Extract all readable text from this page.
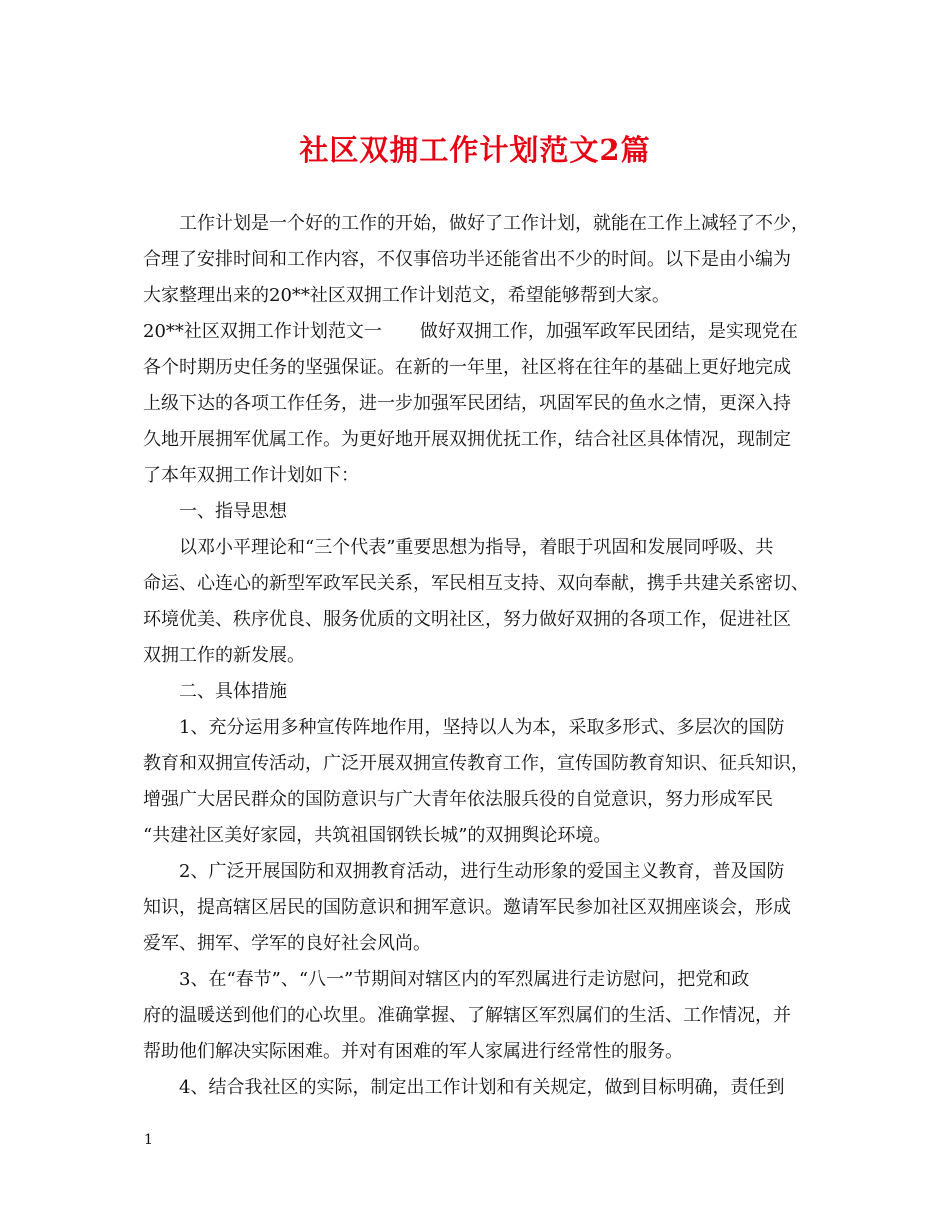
社区双拥工作计划范文2篇
工作计划是一个好的工作的开始，做好了工作计划，就能在工作上减轻了不少，
合理了安排时间和工作内容，不仅事倍功半还能省出不少的时间。以下是由小编为
大家整理出来的20**社区双拥工作计划范文，希望能够帮到大家。
20**社区双拥工作计划范文一 做好双拥工作，加强军政军民团结，是实现党在
各个时期历史任务的坚强保证。在新的一年里，社区将在往年的基础上更好地完成
上级下达的各项工作任务，进一步加强军民团结，巩固军民的鱼水之情，更深入持
久地开展拥军优属工作。为更好地开展双拥优抚工作，结合社区具体情况，现制定
了本年双拥工作计划如下：
一、指导思想
以邓小平理论和“三个代表”重要思想为指导，着眼于巩固和发展同呼吸、共
命运、心连心的新型军政军民关系，军民相互支持、双向奉献，携手共建关系密切、
环境优美、秩序优良、服务优质的文明社区，努力做好双拥的各项工作，促进社区
双拥工作的新发展。
二、具体措施
1、充分运用多种宣传阵地作用，坚持以人为本，采取多形式、多层次的国防
教育和双拥宣传活动，广泛开展双拥宣传教育工作，宣传国防教育知识、征兵知识，
增强广大居民群众的国防意识与广大青年依法服兵役的自觉意识，努力形成军民
“共建社区美好家园，共筑祖国钢铁长城”的双拥舆论环境。
2、广泛开展国防和双拥教育活动，进行生动形象的爱国主义教育，普及国防
知识，提高辖区居民的国防意识和拥军意识。邀请军民参加社区双拥座谈会，形成
爱军、拥军、学军的良好社会风尚。
3、在“春节”、“八一”节期间对辖区内的军烈属进行走访慰问，把党和政
府的温暖送到他们的心坎里。准确掌握、了解辖区军烈属们的生活、工作情况，并
帮助他们解决实际困难。并对有困难的军人家属进行经常性的服务。
4、结合我社区的实际，制定出工作计划和有关规定，做到目标明确，责任到
1
